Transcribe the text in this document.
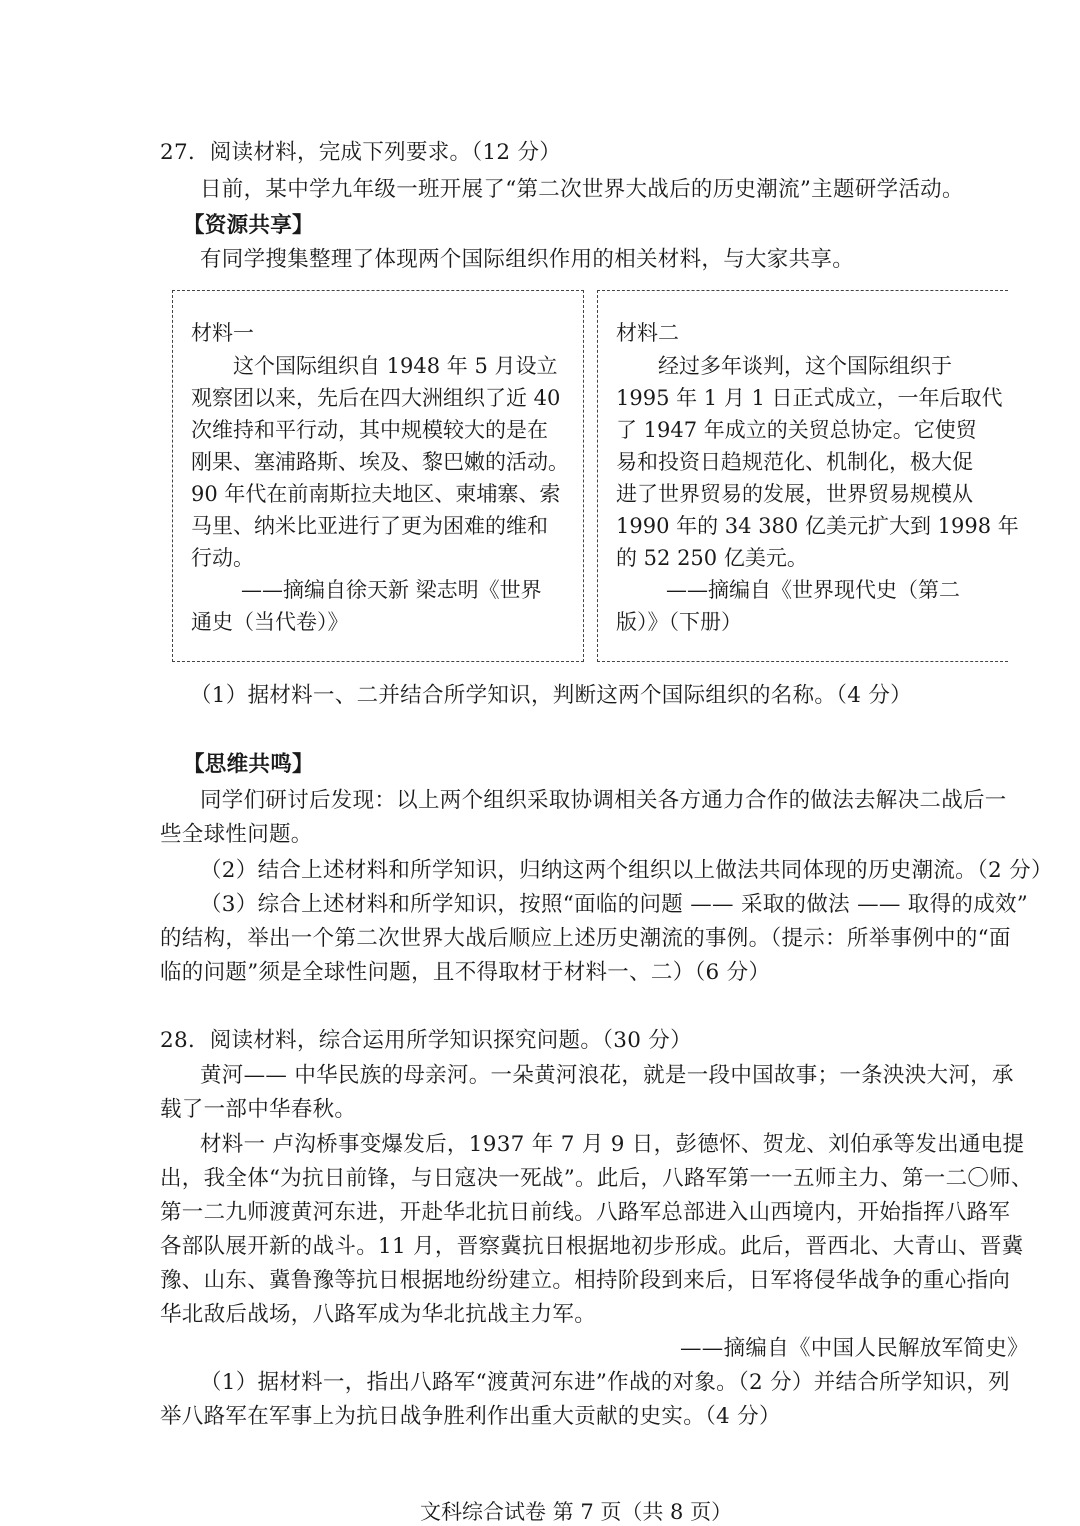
27．阅读材料，完成下列要求。（12 分）
日前，某中学九年级一班开展了“第二次世界大战后的历史潮流”主题研学活动。
【资源共享】
有同学搜集整理了体现两个国际组织作用的相关材料，与大家共享。
材料一
这个国际组织自 1948 年 5 月设立
观察团以来，先后在四大洲组织了近 40
次维持和平行动，其中规模较大的是在
刚果、塞浦路斯、埃及、黎巴嫩的活动。
90 年代在前南斯拉夫地区、柬埔寨、索
马里、纳米比亚进行了更为困难的维和
行动。
——摘编自徐天新 梁志明《世界
通史（当代卷）》
材料二
经过多年谈判，这个国际组织于
1995 年 1 月 1 日正式成立，一年后取代
了 1947 年成立的关贸总协定。它使贸
易和投资日趋规范化、机制化，极大促
进了世界贸易的发展，世界贸易规模从
1990 年的 34 380 亿美元扩大到 1998 年
的 52 250 亿美元。
——摘编自《世界现代史（第二
版）》（下册）
（1）据材料一、二并结合所学知识，判断这两个国际组织的名称。（4 分）
【思维共鸣】
同学们研讨后发现：以上两个组织采取协调相关各方通力合作的做法去解决二战后一
些全球性问题。
（2）结合上述材料和所学知识，归纳这两个组织以上做法共同体现的历史潮流。（2 分）
（3）综合上述材料和所学知识，按照“面临的问题 —— 采取的做法 —— 取得的成效”
的结构，举出一个第二次世界大战后顺应上述历史潮流的事例。（提示：所举事例中的“面
临的问题”须是全球性问题，且不得取材于材料一、二）（6 分）
28．阅读材料，综合运用所学知识探究问题。（30 分）
黄河—— 中华民族的母亲河。一朵黄河浪花，就是一段中国故事；一条泱泱大河，承
载了一部中华春秋。
材料一 卢沟桥事变爆发后，1937 年 7 月 9 日，彭德怀、贺龙、刘伯承等发出通电提
出，我全体“为抗日前锋，与日寇决一死战”。此后，八路军第一一五师主力、第一二〇师、
第一二九师渡黄河东进，开赴华北抗日前线。八路军总部进入山西境内，开始指挥八路军
各部队展开新的战斗。11 月，晋察冀抗日根据地初步形成。此后，晋西北、大青山、晋冀
豫、山东、冀鲁豫等抗日根据地纷纷建立。相持阶段到来后，日军将侵华战争的重心指向
华北敌后战场，八路军成为华北抗战主力军。
——摘编自《中国人民解放军简史》
（1）据材料一，指出八路军“渡黄河东进”作战的对象。（2 分）并结合所学知识，列
举八路军在军事上为抗日战争胜利作出重大贡献的史实。（4 分）
文科综合试卷 第 7 页（共 8 页）
